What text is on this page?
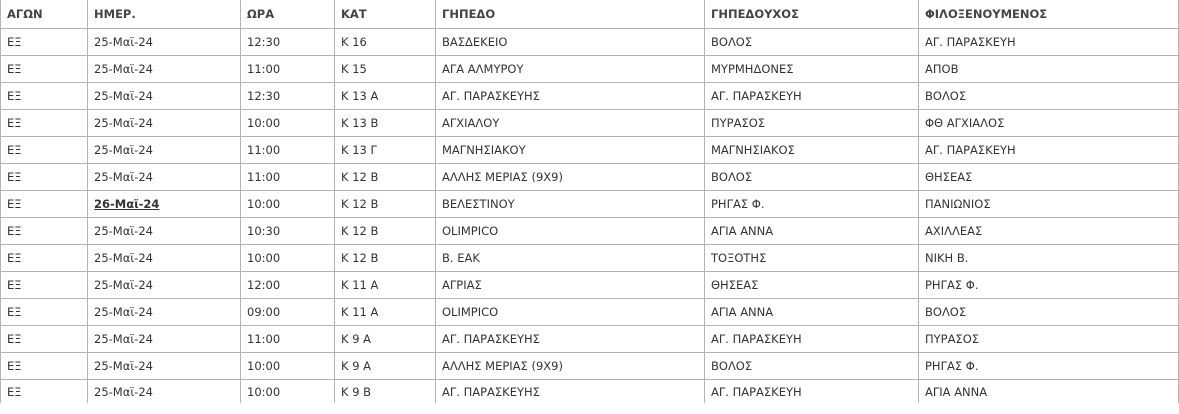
ΑΓΩΝ	ΗΜΕΡ.	ΩΡΑ	ΚΑΤ	ΓΗΠΕΔΟ	ΓΗΠΕΔΟΥΧΟΣ	ΦΙΛΟΞΕΝΟΥΜΕΝΟΣ
ΕΞ	25-Μαϊ-24	12:30	Κ 16	ΒΑΣΔΕΚΕΙΟ	ΒΟΛΟΣ	ΑΓ. ΠΑΡΑΣΚΕΥΗ
ΕΞ	25-Μαϊ-24	11:00	Κ 15	ΑΓΑ ΑΛΜΥΡΟΥ	ΜΥΡΜΗΔΟΝΕΣ	ΑΠΟΒ
ΕΞ	25-Μαϊ-24	12:30	Κ 13 Α	ΑΓ. ΠΑΡΑΣΚΕΥΗΣ	ΑΓ. ΠΑΡΑΣΚΕΥΗ	ΒΟΛΟΣ
ΕΞ	25-Μαϊ-24	10:00	Κ 13 Β	ΑΓΧΙΑΛΟΥ	ΠΥΡΑΣΟΣ	ΦΘ ΑΓΧΙΑΛΟΣ
ΕΞ	25-Μαϊ-24	11:00	Κ 13 Γ	ΜΑΓΝΗΣΙΑΚΟΥ	ΜΑΓΝΗΣΙΑΚΟΣ	ΑΓ. ΠΑΡΑΣΚΕΥΗ
ΕΞ	25-Μαϊ-24	11:00	Κ 12 Β	ΑΛΛΗΣ ΜΕΡΙΑΣ (9Χ9)	ΒΟΛΟΣ	ΘΗΣΕΑΣ
ΕΞ	26-Μαϊ-24	10:00	Κ 12 Β	ΒΕΛΕΣΤΙΝΟΥ	ΡΗΓΑΣ Φ.	ΠΑΝΙΩΝΙΟΣ
ΕΞ	25-Μαϊ-24	10:30	Κ 12 Β	OLIMPICO	ΑΓΙΑ ΑΝΝΑ	ΑΧΙΛΛΕΑΣ
ΕΞ	25-Μαϊ-24	10:00	Κ 12 Β	Β. ΕΑΚ	ΤΟΞΟΤΗΣ	ΝΙΚΗ Β.
ΕΞ	25-Μαϊ-24	12:00	Κ 11 Α	ΑΓΡΙΑΣ	ΘΗΣΕΑΣ	ΡΗΓΑΣ Φ.
ΕΞ	25-Μαϊ-24	09:00	Κ 11 Α	OLIMPICO	ΑΓΙΑ ΑΝΝΑ	ΒΟΛΟΣ
ΕΞ	25-Μαϊ-24	11:00	Κ 9 Α	ΑΓ. ΠΑΡΑΣΚΕΥΗΣ	ΑΓ. ΠΑΡΑΣΚΕΥΗ	ΠΥΡΑΣΟΣ
ΕΞ	25-Μαϊ-24	10:00	Κ 9 Α	ΑΛΛΗΣ ΜΕΡΙΑΣ (9Χ9)	ΒΟΛΟΣ	ΡΗΓΑΣ Φ.
ΕΞ	25-Μαϊ-24	10:00	Κ 9 Β	ΑΓ. ΠΑΡΑΣΚΕΥΗΣ	ΑΓ. ΠΑΡΑΣΚΕΥΗ	ΑΓΙΑ ΑΝΝΑ
